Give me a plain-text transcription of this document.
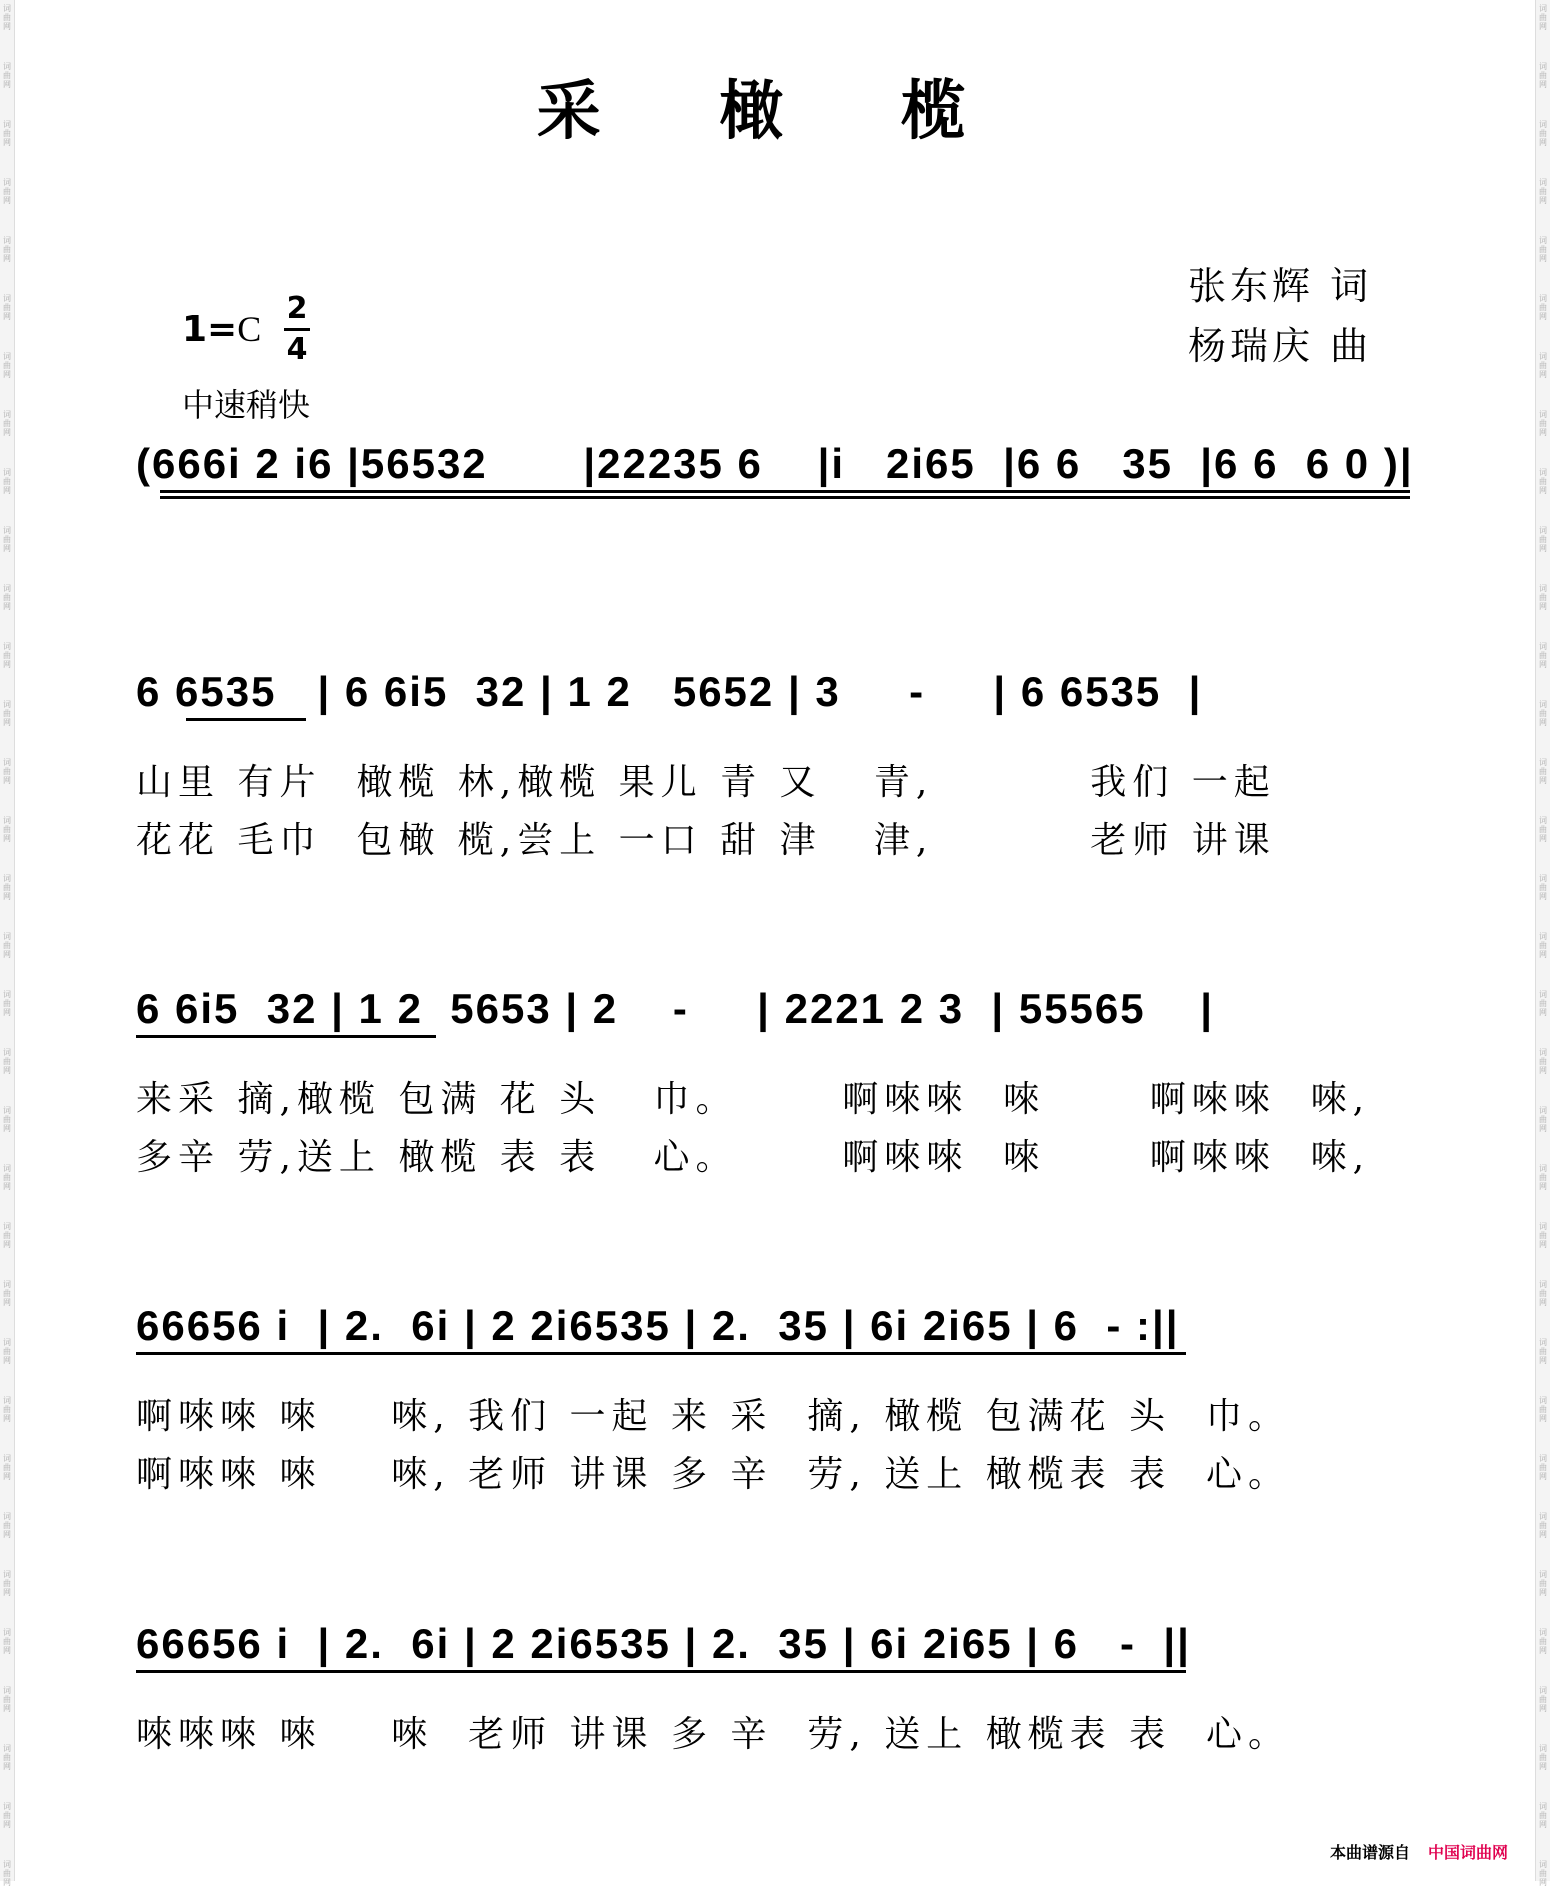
词
曲
网
词
曲
网
词
曲
网
词
曲
网
词
曲
网
词
曲
网
词
曲
网
词
曲
网
词
曲
网
词
曲
网
词
曲
网
词
曲
网
词
曲
网
词
曲
网
词
曲
网
词
曲
网
词
曲
网
词
曲
网
词
曲
网
词
曲
网
词
曲
网
词
曲
网
词
曲
网
词
曲
网
词
曲
网
词
曲
网
词
曲
网
词
曲
网
词
曲
网
词
曲
网
词
曲
网
词
曲
网
词
曲
网
词
曲
网
词
曲
网
词
曲
网
词
曲
网
词
曲
网
词
曲
网
词
曲
网
词
曲
网
词
曲
网
词
曲
网
词
曲
网
词
曲
网
词
曲
网
词
曲
网
词
曲
网
词
曲
网
词
曲
网
词
曲
网
词
曲
网
词
曲
网
词
曲
网
词
曲
网
词
曲
网
词
曲
网
词
曲
网
词
曲
网
词
曲
网
词
曲
网
词
曲
网
词
曲
网
词
曲
网
词
曲
网
词
曲
网
采 橄 榄
张东辉 词
杨瑞庆 曲
1=C
2
4
中速稍快
(666i 2 i6 |56532       |22235 6    |i   2i65  |6 6   35  |6 6  6 0 )|
6 6535   | 6 6i5  32 | 1 2   5652 | 3     -     | 6 6535  |
山里 有片  橄榄 林,橄榄 果儿 青 又   青,         我们 一起
花花 毛巾  包橄 榄,尝上 一口 甜 津   津,         老师 讲课
6 6i5  32 | 1 2  5653 | 2    -     | 2221 2 3  | 55565    |
来采 摘,橄榄 包满 花 头   巾。      啊唻唻  唻      啊唻唻  唻,
多辛 劳,送上 橄榄 表 表   心。      啊唻唻  唻      啊唻唻  唻,
66656 i  | 2.  6i | 2 2i6535 | 2.  35 | 6i 2i65 | 6  - :||
啊唻唻 唻    唻, 我们 一起 来 采  摘, 橄榄 包满花 头  巾。
啊唻唻 唻    唻, 老师 讲课 多 辛  劳, 送上 橄榄表 表  心。
66656 i  | 2.  6i | 2 2i6535 | 2.  35 | 6i 2i65 | 6   -  ||
唻唻唻 唻    唻  老师 讲课 多 辛  劳, 送上 橄榄表 表  心。
本曲谱源自 中国词曲网
